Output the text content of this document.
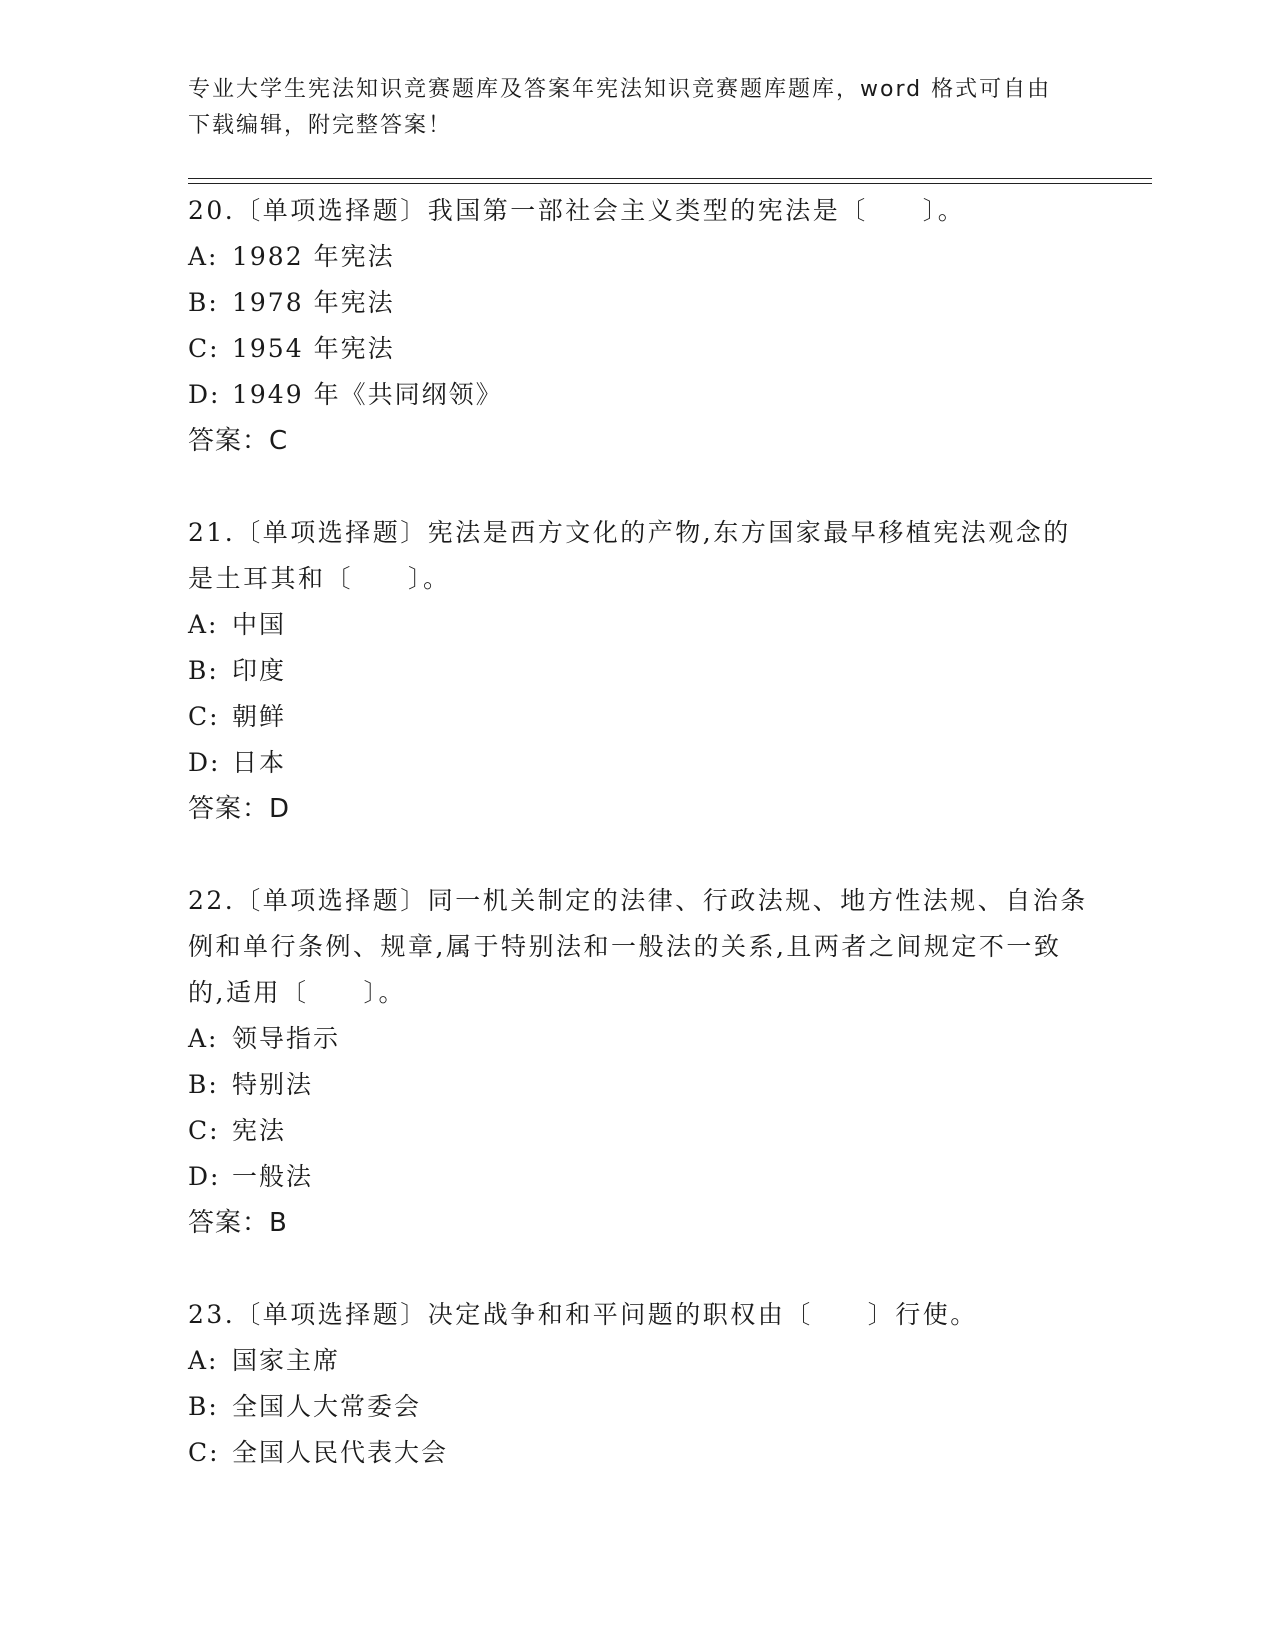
专业大学生宪法知识竞赛题库及答案年宪法知识竞赛题库题库，word 格式可自由
下载编辑，附完整答案！
20.〔单项选择题〕我国第一部社会主义类型的宪法是〔　　〕。
A: 1982 年宪法
B: 1978 年宪法
C: 1954 年宪法
D: 1949 年《共同纲领》
答案：C
21.〔单项选择题〕宪法是西方文化的产物,东方国家最早移植宪法观念的是土耳其和〔　　〕。
A: 中国
B: 印度
C: 朝鲜
D: 日本
答案：D
22.〔单项选择题〕同一机关制定的法律、行政法规、地方性法规、自治条例和单行条例、规章,属于特别法和一般法的关系,且两者之间规定不一致的,适用〔　　〕。
A: 领导指示
B: 特别法
C: 宪法
D: 一般法
答案：B
23.〔单项选择题〕决定战争和和平问题的职权由〔　　〕行使。
A: 国家主席
B: 全国人大常委会
C: 全国人民代表大会
